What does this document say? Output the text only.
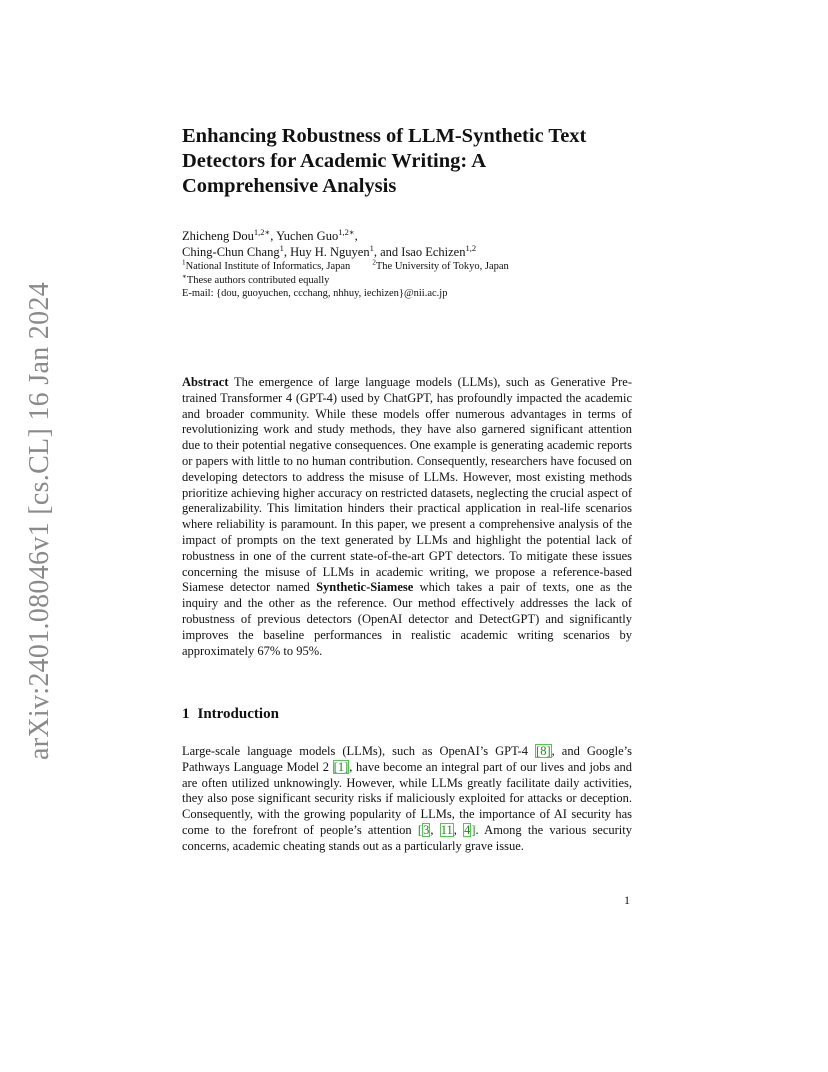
arXiv:2401.08046v1 [cs.CL] 16 Jan 2024
Enhancing Robustness of LLM-Synthetic Text
Detectors for Academic Writing: A
Comprehensive Analysis
Zhicheng Dou$^{1,2∗}$, Yuchen Guo$^{1,2∗}$,
Ching-Chun Chang$^1$, Huy H. Nguyen$^1$, and Isao Echizen$^{1,2}$
$^1$National Institute of Informatics, Japan	$^2$The University of Tokyo, Japan
∗These authors contributed equally
E-mail: {dou, guoyuchen, ccchang, nhhuy, iechizen}@nii.ac.jp

Abstract The emergence of large language models (LLMs), such as Generative Pre-trained Transformer 4 (GPT-4) used by ChatGPT, has profoundly impacted the academic and broader community. While these models offer numerous advantages in terms of revolutionizing work and study methods, they have also garnered significant attention due to their potential negative consequences. One example is generating academic reports or papers with little to no human contribution. Consequently, researchers have focused on developing detectors to address the misuse of LLMs. However, most existing methods prioritize achieving higher accuracy on restricted datasets, neglecting the crucial aspect of generalizability. This limitation hinders their practical application in real-life scenarios where reliability is paramount. In this paper, we present a comprehensive analysis of the impact of prompts on the text generated by LLMs and highlight the potential lack of robustness in one of the current state-of-the-art GPT detectors. To mitigate these issues concerning the misuse of LLMs in academic writing, we propose a reference-based Siamese detector named Synthetic-Siamese which takes a pair of texts, one as the inquiry and the other as the reference. Our method effectively addresses the lack of robustness of previous detectors (OpenAI detector and DetectGPT) and significantly improves the baseline performances in realistic academic writing scenarios by approximately 67% to 95%.

1 Introduction

Large-scale language models (LLMs), such as OpenAI’s GPT-4 [8], and Google’s Pathways Language Model 2 [1], have become an integral part of our lives and jobs and are often utilized unknowingly. However, while LLMs greatly facilitate daily activities, they also pose significant security risks if maliciously exploited for attacks or deception. Consequently, with the growing popularity of LLMs, the importance of AI security has come to the forefront of people’s attention [3, 11, 4]. Among the various security concerns, academic cheating stands out as a particularly grave issue.

1
